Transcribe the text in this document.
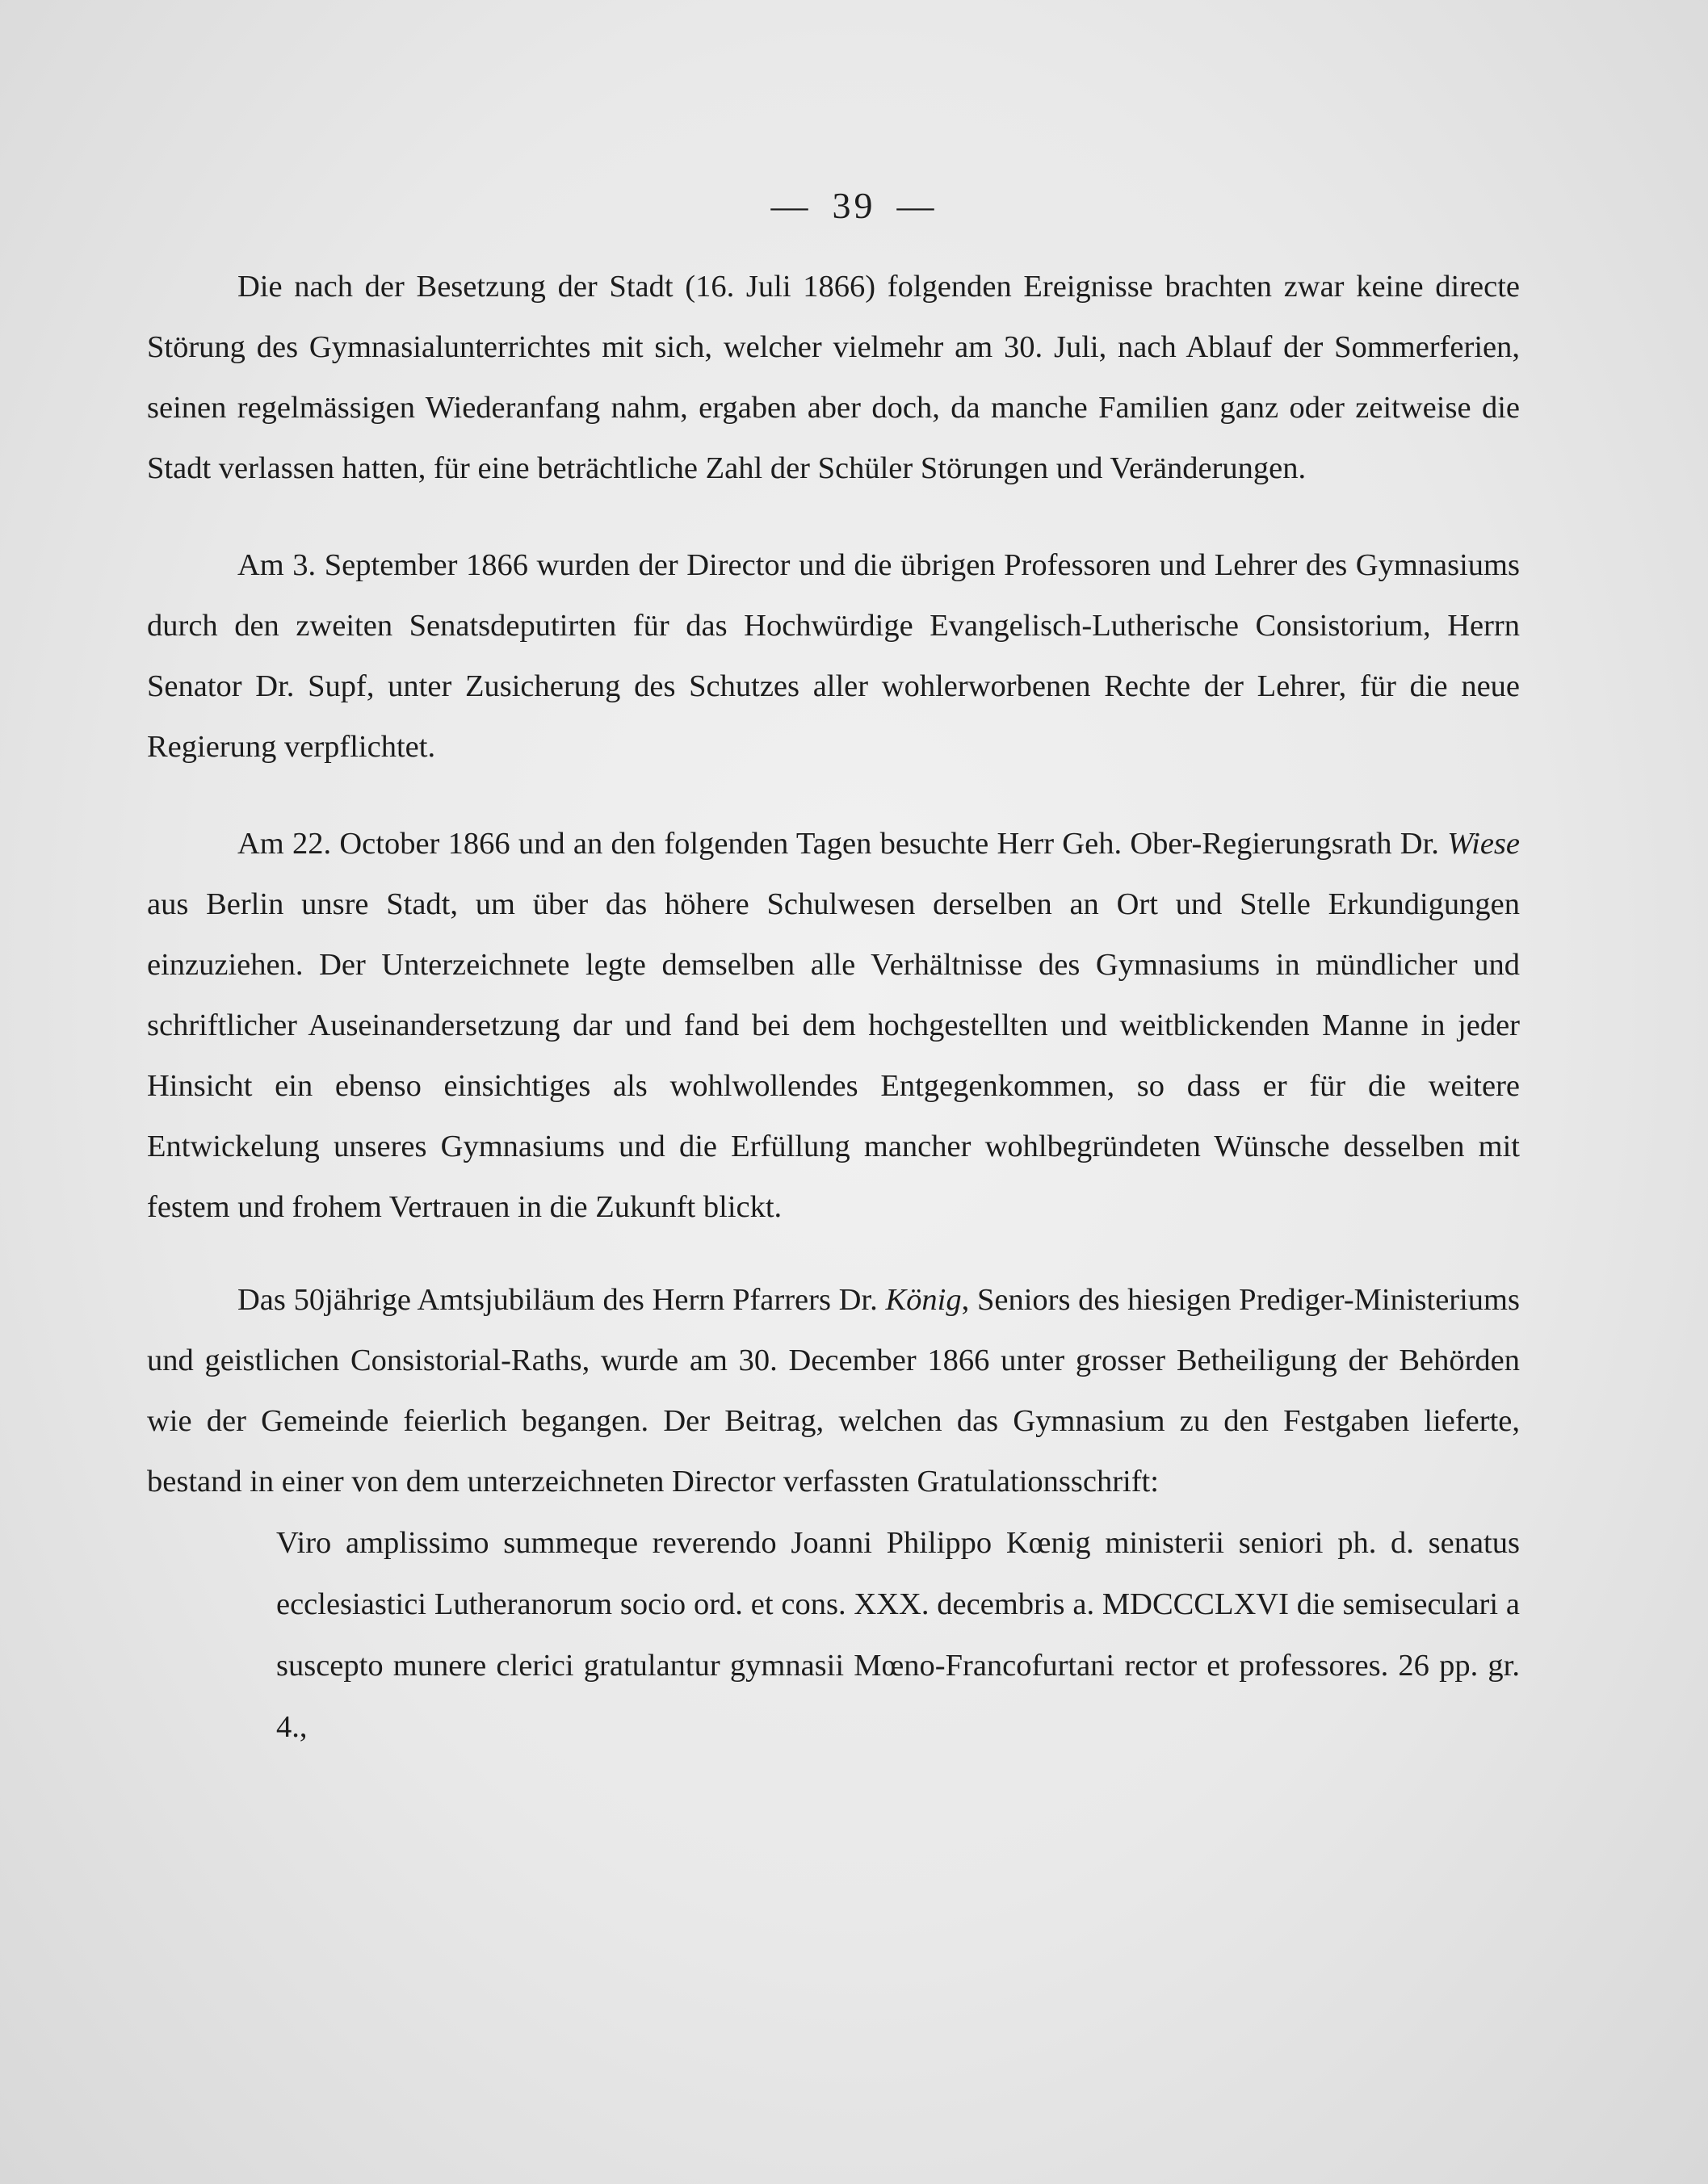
— 39 —

Die nach der Besetzung der Stadt (16. Juli 1866) folgenden Ereignisse brachten zwar keine directe Störung des Gymnasialunterrichtes mit sich, welcher vielmehr am 30. Juli, nach Ablauf der Sommerferien, seinen regelmässigen Wiederanfang nahm, ergaben aber doch, da manche Familien ganz oder zeitweise die Stadt verlassen hatten, für eine beträchtliche Zahl der Schüler Störungen und Veränderungen.

Am 3. September 1866 wurden der Director und die übrigen Professoren und Lehrer des Gymnasiums durch den zweiten Senatsdeputirten für das Hochwürdige Evangelisch-Lutherische Consistorium, Herrn Senator Dr. Supf, unter Zusicherung des Schutzes aller wohlerworbenen Rechte der Lehrer, für die neue Regierung verpflichtet.

Am 22. October 1866 und an den folgenden Tagen besuchte Herr Geh. Ober-Regierungsrath Dr. Wiese aus Berlin unsre Stadt, um über das höhere Schulwesen derselben an Ort und Stelle Erkundigungen einzuziehen. Der Unterzeichnete legte demselben alle Verhältnisse des Gymnasiums in mündlicher und schriftlicher Auseinandersetzung dar und fand bei dem hochgestellten und weitblickenden Manne in jeder Hinsicht ein ebenso einsichtiges als wohlwollendes Entgegenkommen, so dass er für die weitere Entwickelung unseres Gymnasiums und die Erfüllung mancher wohlbegründeten Wünsche desselben mit festem und frohem Vertrauen in die Zukunft blickt.

Das 50jährige Amtsjubiläum des Herrn Pfarrers Dr. König, Seniors des hiesigen Prediger-Ministeriums und geistlichen Consistorial-Raths, wurde am 30. December 1866 unter grosser Betheiligung der Behörden wie der Gemeinde feierlich begangen. Der Beitrag, welchen das Gymnasium zu den Festgaben lieferte, bestand in einer von dem unterzeichneten Director verfassten Gratulationsschrift:

Viro amplissimo summeque reverendo Joanni Philippo Kœnig ministerii seniori ph. d. senatus ecclesiastici Lutheranorum socio ord. et cons. XXX. decembris a. MDCCCLXVI die semiseculari a suscepto munere clerici gratulantur gymnasii Mœno-Francofurtani rector et professores. 26 pp. gr. 4.,
